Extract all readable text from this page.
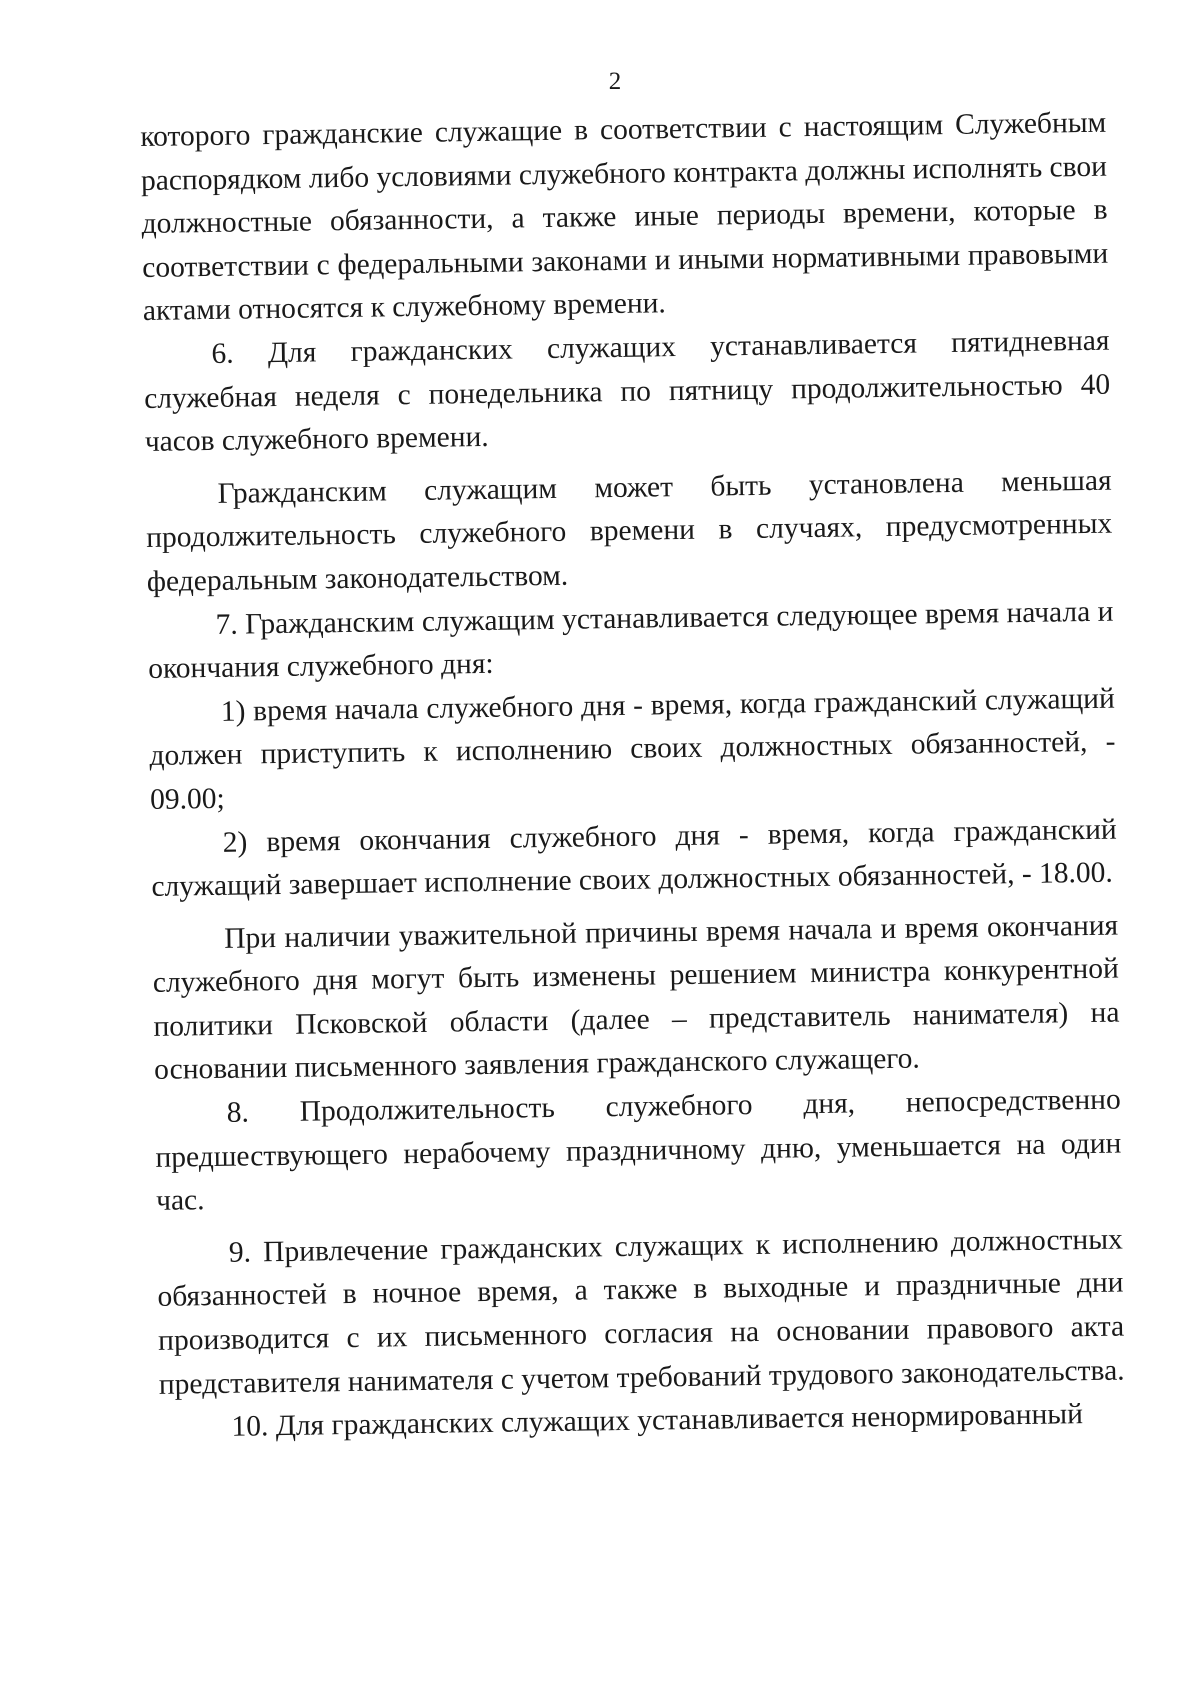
2

которого гражданские служащие в соответствии с настоящим Служебным распорядком либо условиями служебного контракта должны исполнять свои должностные обязанности, а также иные периоды времени, которые в соответствии с федеральными законами и иными нормативными правовыми актами относятся к служебному времени.

6. Для гражданских служащих устанавливается пятидневная служебная неделя с понедельника по пятницу продолжительностью 40 часов служебного времени.

Гражданским служащим может быть установлена меньшая продолжительность служебного времени в случаях, предусмотренных федеральным законодательством.

7. Гражданским служащим устанавливается следующее время начала и окончания служебного дня:

1) время начала служебного дня - время, когда гражданский служащий должен приступить к исполнению своих должностных обязанностей, - 09.00;

2) время окончания служебного дня - время, когда гражданский служащий завершает исполнение своих должностных обязанностей, - 18.00.

При наличии уважительной причины время начала и время окончания служебного дня могут быть изменены решением министра конкурентной политики Псковской области (далее – представитель нанимателя) на основании письменного заявления гражданского служащего.

8. Продолжительность служебного дня, непосредственно предшествующего нерабочему праздничному дню, уменьшается на один час.

9. Привлечение гражданских служащих к исполнению должностных обязанностей в ночное время, а также в выходные и праздничные дни производится с их письменного согласия на основании правового акта представителя нанимателя с учетом требований трудового законодательства.

10. Для гражданских служащих устанавливается ненормированный
